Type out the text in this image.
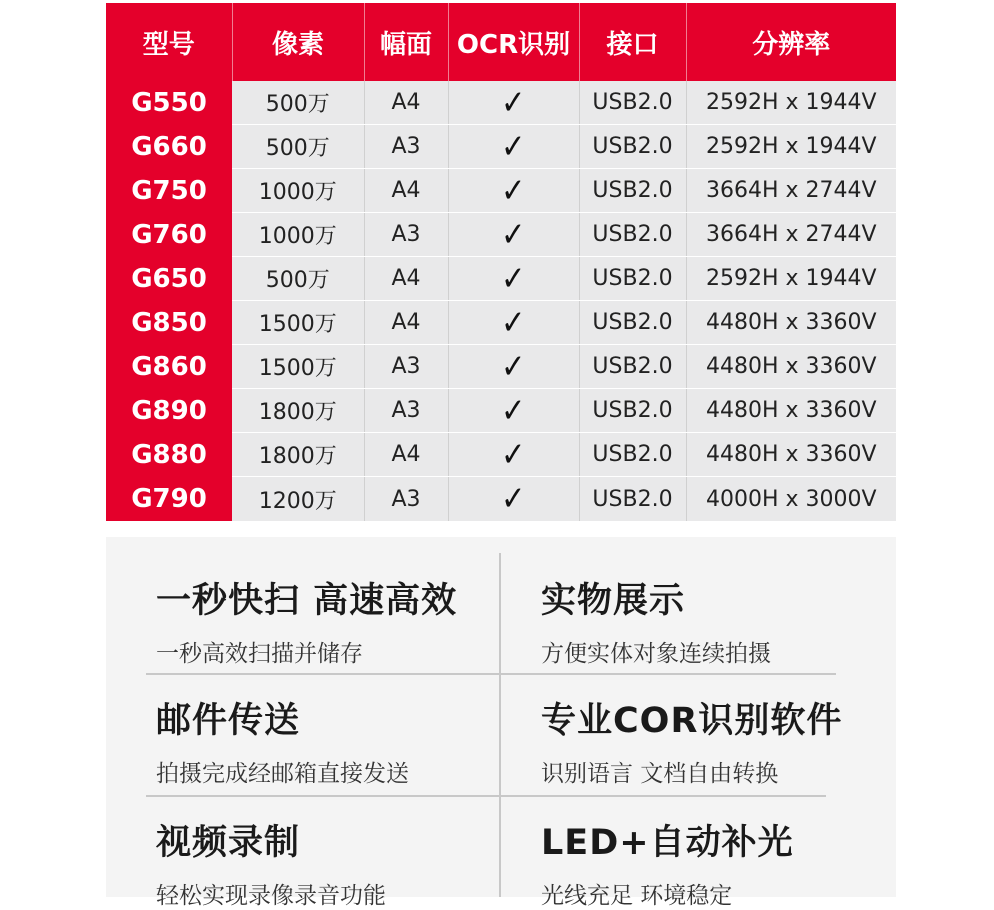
型号	像素	幅面	OCR识别	接口	分辨率
G550	500万	A4	✓	USB2.0	2592H x 1944V
G660	500万	A3	✓	USB2.0	2592H x 1944V
G750	1000万	A4	✓	USB2.0	3664H x 2744V
G760	1000万	A3	✓	USB2.0	3664H x 2744V
G650	500万	A4	✓	USB2.0	2592H x 1944V
G850	1500万	A4	✓	USB2.0	4480H x 3360V
G860	1500万	A3	✓	USB2.0	4480H x 3360V
G890	1800万	A3	✓	USB2.0	4480H x 3360V
G880	1800万	A4	✓	USB2.0	4480H x 3360V
G790	1200万	A3	✓	USB2.0	4000H x 3000V
一秒快扫 高速高效
一秒高效扫描并储存
实物展示
方便实体对象连续拍摄
邮件传送
拍摄完成经邮箱直接发送
专业COR识别软件
识别语言 文档自由转换
视频录制
轻松实现录像录音功能
LED+自动补光
光线充足 环境稳定
